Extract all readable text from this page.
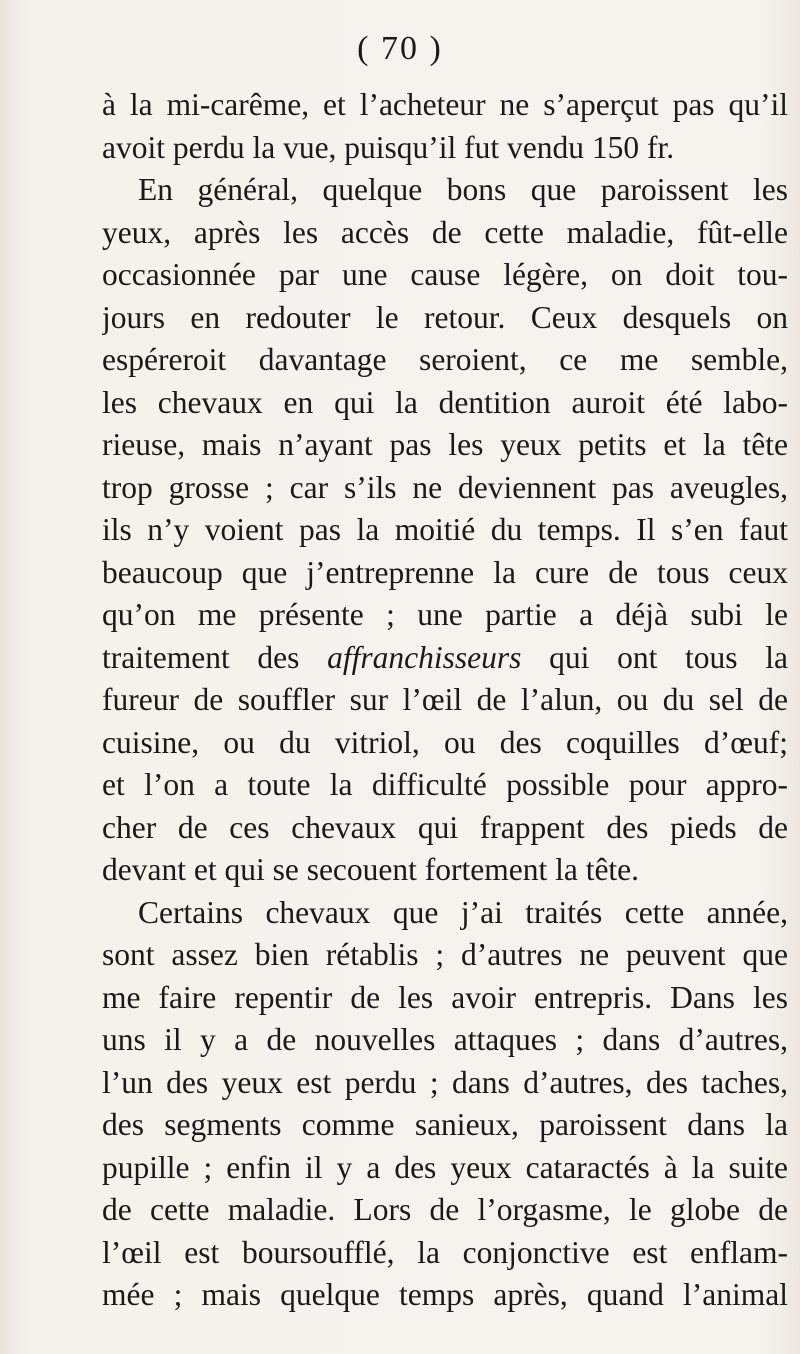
( 70 )
à la mi-carême, et l’acheteur ne s’aperçut pas qu’il
avoit perdu la vue, puisqu’il fut vendu 150 fr.
En général, quelque bons que paroissent les
yeux, après les accès de cette maladie, fût-elle
occasionnée par une cause légère, on doit tou-
jours en redouter le retour. Ceux desquels on
espéreroit davantage seroient, ce me semble,
les chevaux en qui la dentition auroit été labo-
rieuse, mais n’ayant pas les yeux petits et la tête
trop grosse ; car s’ils ne deviennent pas aveugles,
ils n’y voient pas la moitié du temps. Il s’en faut
beaucoup que j’entreprenne la cure de tous ceux
qu’on me présente ; une partie a déjà subi le
traitement des affranchisseurs qui ont tous la
fureur de souffler sur l’œil de l’alun, ou du sel de
cuisine, ou du vitriol, ou des coquilles d’œuf;
et l’on a toute la difficulté possible pour appro-
cher de ces chevaux qui frappent des pieds de
devant et qui se secouent fortement la tête.
Certains chevaux que j’ai traités cette année,
sont assez bien rétablis ; d’autres ne peuvent que
me faire repentir de les avoir entrepris. Dans les
uns il y a de nouvelles attaques ; dans d’autres,
l’un des yeux est perdu ; dans d’autres, des taches,
des segments comme sanieux, paroissent dans la
pupille ; enfin il y a des yeux cataractés à la suite
de cette maladie. Lors de l’orgasme, le globe de
l’œil est boursoufflé, la conjonctive est enflam-
mée ; mais quelque temps après, quand l’animal
